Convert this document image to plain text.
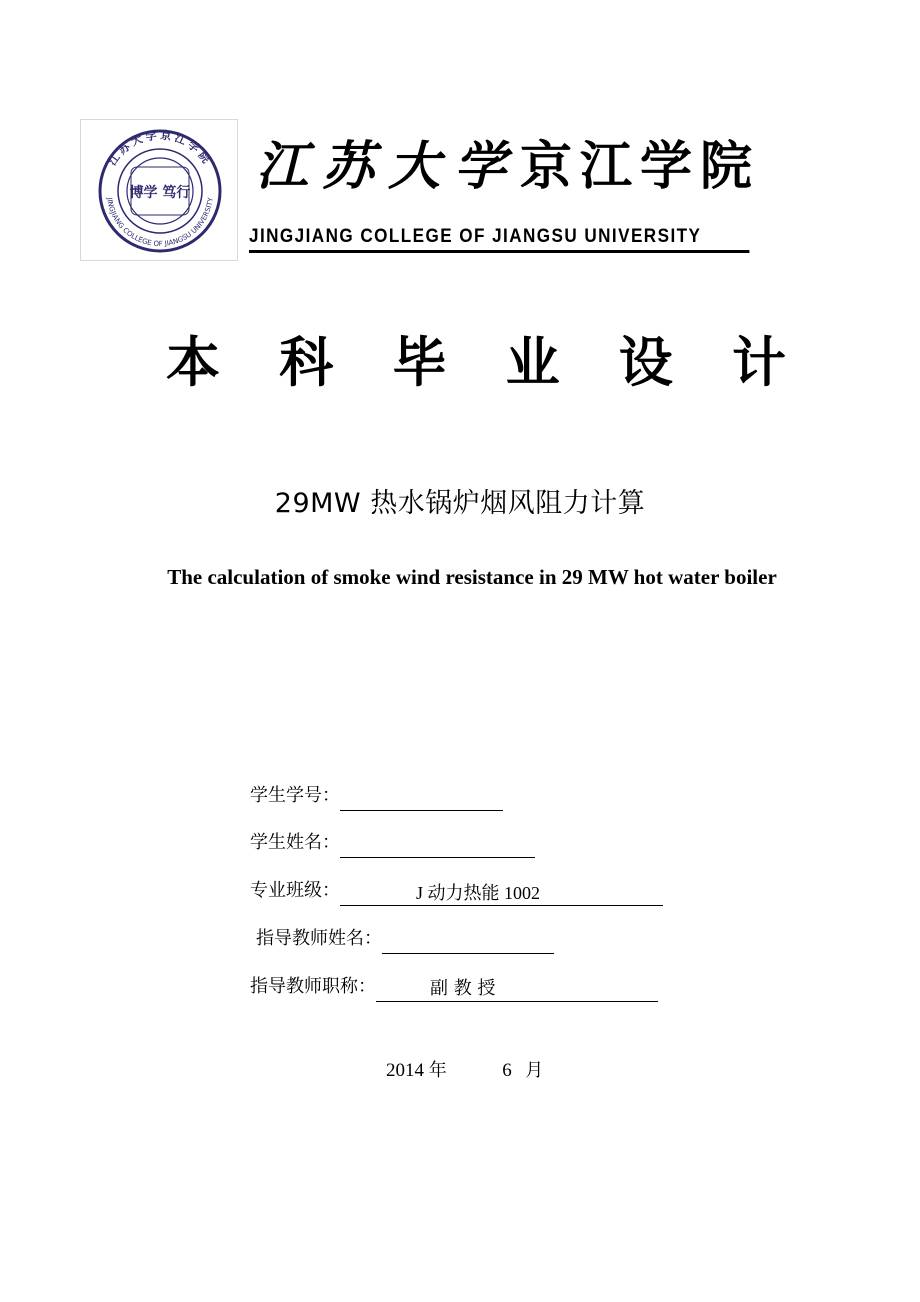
江苏大学京江学院
JINGJIANG COLLEGE OF JIANGSU UNIVERSITY
博学 笃行 江苏大学京江学院
JINGJIANG COLLEGE OF JIANGSU UNIVERSITY
本 科 毕 业 设 计
29MW 热水锅炉烟风阻力计算
The calculation of smoke wind resistance in 29 MW hot water boiler
学生学号：
学生姓名：
专业班级：	J 动力热能 1002
指导教师姓名：
指导教师职称：	副 教 授
2014 年	6 月
